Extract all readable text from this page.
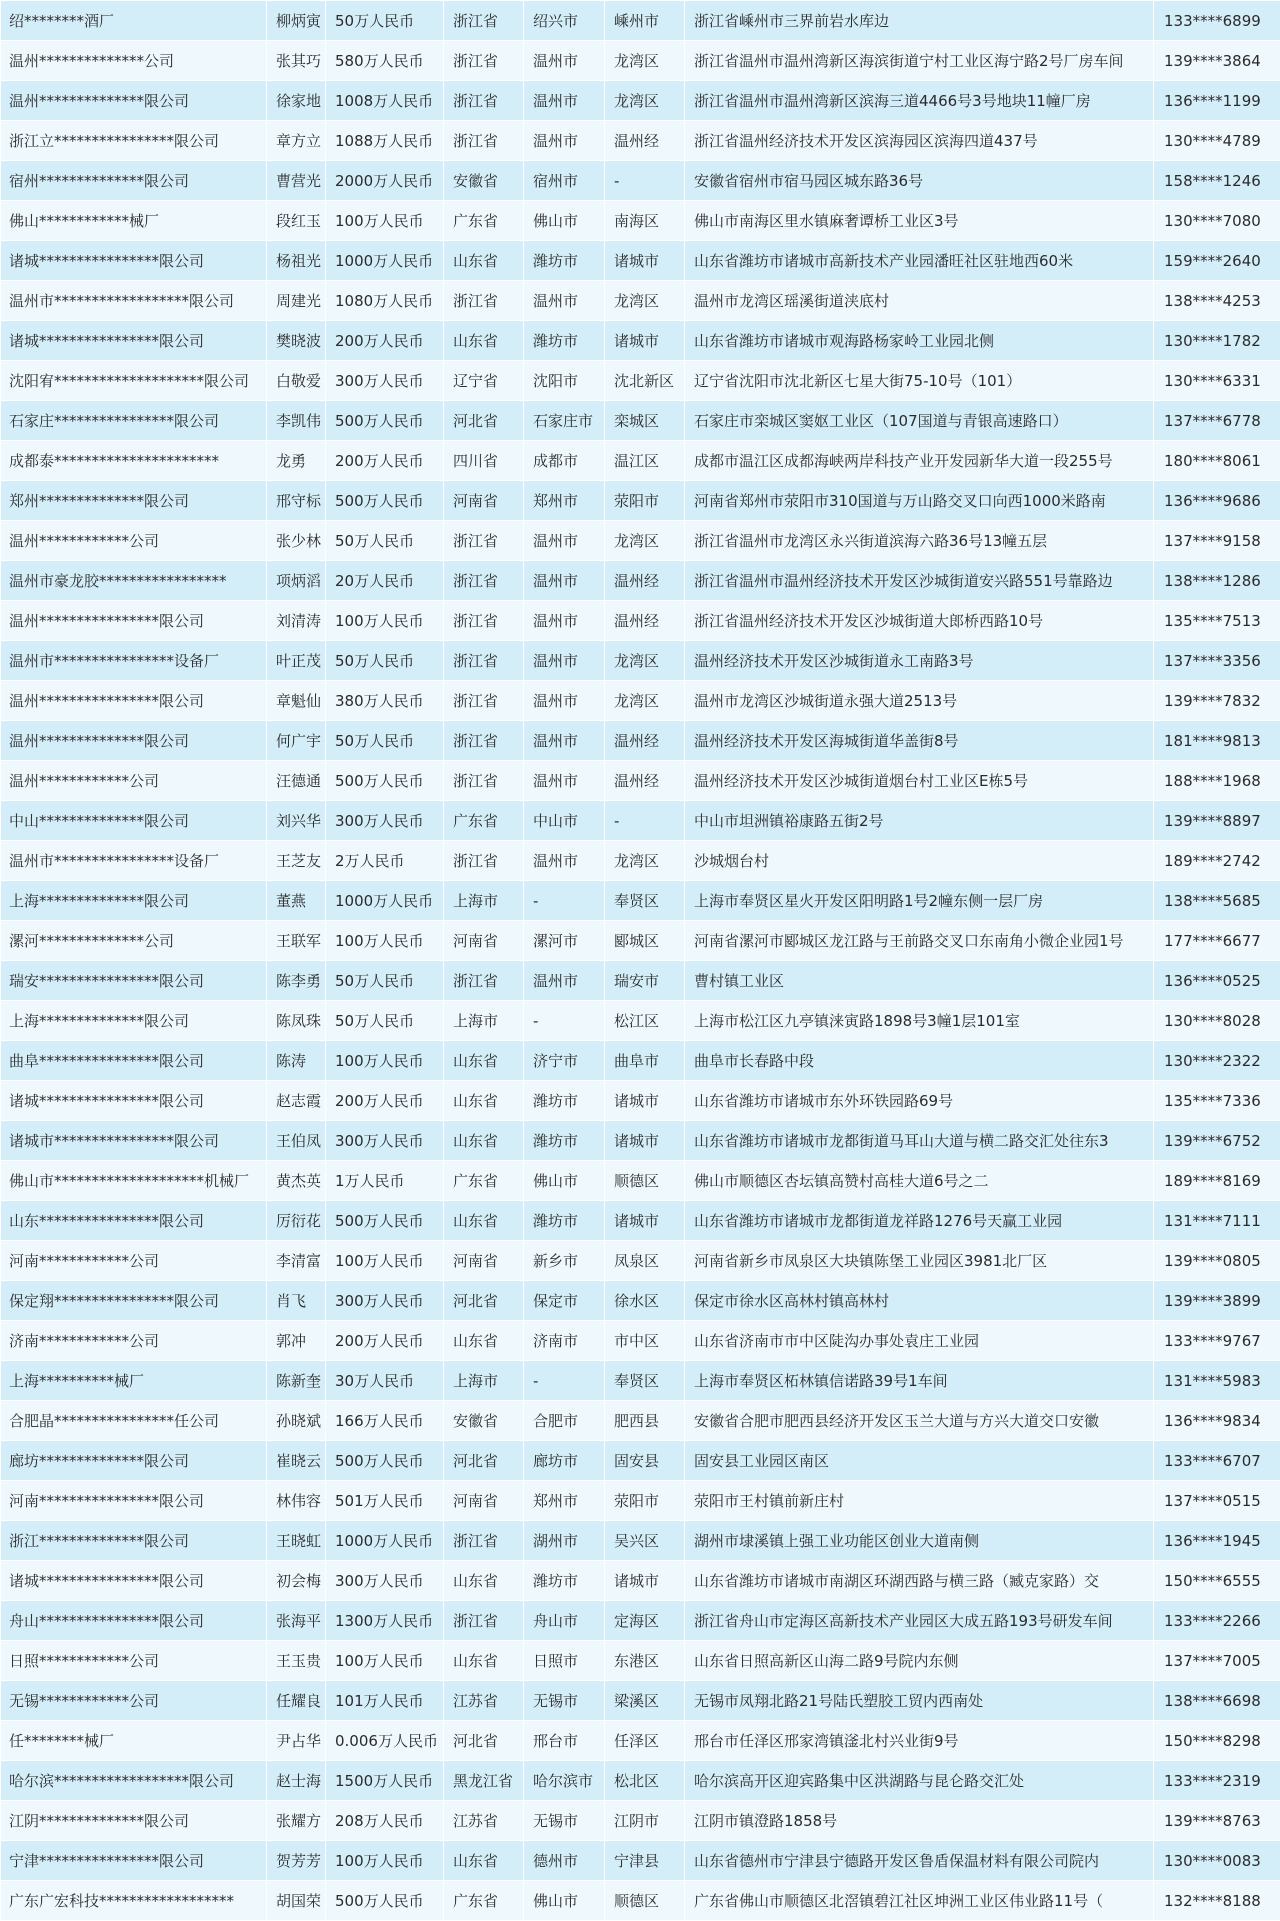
绍********酒厂	柳炳寅	50万人民币	浙江省	绍兴市	嵊州市	浙江省嵊州市三界前岩水库边	133****6899
温州**************公司	张其巧	580万人民币	浙江省	温州市	龙湾区	浙江省温州市温州湾新区海滨街道宁村工业区海宁路2号厂房车间	139****3864
温州**************限公司	徐家地	1008万人民币	浙江省	温州市	龙湾区	浙江省温州市温州湾新区滨海三道4466号3号地块11幢厂房	136****1199
浙江立****************限公司	章方立	1088万人民币	浙江省	温州市	温州经	浙江省温州经济技术开发区滨海园区滨海四道437号	130****4789
宿州**************限公司	曹营光	2000万人民币	安徽省	宿州市	-	安徽省宿州市宿马园区城东路36号	158****1246
佛山************械厂	段红玉	100万人民币	广东省	佛山市	南海区	佛山市南海区里水镇麻奢谭桥工业区3号	130****7080
诸城****************限公司	杨祖光	1000万人民币	山东省	潍坊市	诸城市	山东省潍坊市诸城市高新技术产业园潘旺社区驻地西60米	159****2640
温州市******************限公司	周建光	1080万人民币	浙江省	温州市	龙湾区	温州市龙湾区瑶溪街道浃底村	138****4253
诸城****************限公司	樊晓波	200万人民币	山东省	潍坊市	诸城市	山东省潍坊市诸城市观海路杨家岭工业园北侧	130****1782
沈阳宥********************限公司	白敬爱	300万人民币	辽宁省	沈阳市	沈北新区	辽宁省沈阳市沈北新区七星大街75-10号（101）	130****6331
石家庄****************限公司	李凯伟	500万人民币	河北省	石家庄市	栾城区	石家庄市栾城区窦妪工业区（107国道与青银高速路口）	137****6778
成都泰**********************	龙勇	200万人民币	四川省	成都市	温江区	成都市温江区成都海峡两岸科技产业开发园新华大道一段255号	180****8061
郑州**************限公司	邢守标	500万人民币	河南省	郑州市	荥阳市	河南省郑州市荥阳市310国道与万山路交叉口向西1000米路南	136****9686
温州************公司	张少林	50万人民币	浙江省	温州市	龙湾区	浙江省温州市龙湾区永兴街道滨海六路36号13幢五层	137****9158
温州市豪龙胶*****************	项炳滔	20万人民币	浙江省	温州市	温州经	浙江省温州市温州经济技术开发区沙城街道安兴路551号靠路边	138****1286
温州****************限公司	刘清涛	100万人民币	浙江省	温州市	温州经	浙江省温州经济技术开发区沙城街道大郎桥西路10号	135****7513
温州市****************设备厂	叶正茂	50万人民币	浙江省	温州市	龙湾区	温州经济技术开发区沙城街道永工南路3号	137****3356
温州****************限公司	章魁仙	380万人民币	浙江省	温州市	龙湾区	温州市龙湾区沙城街道永强大道2513号	139****7832
温州**************限公司	何广宇	50万人民币	浙江省	温州市	温州经	温州经济技术开发区海城街道华盖街8号	181****9813
温州************公司	汪德通	500万人民币	浙江省	温州市	温州经	温州经济技术开发区沙城街道烟台村工业区E栋5号	188****1968
中山**************限公司	刘兴华	300万人民币	广东省	中山市	-	中山市坦洲镇裕康路五街2号	139****8897
温州市****************设备厂	王芝友	2万人民币	浙江省	温州市	龙湾区	沙城烟台村	189****2742
上海**************限公司	董燕	1000万人民币	上海市	-	奉贤区	上海市奉贤区星火开发区阳明路1号2幢东侧一层厂房	138****5685
漯河**************公司	王联军	100万人民币	河南省	漯河市	郾城区	河南省漯河市郾城区龙江路与王前路交叉口东南角小微企业园1号	177****6677
瑞安****************限公司	陈李勇	50万人民币	浙江省	温州市	瑞安市	曹村镇工业区	136****0525
上海**************限公司	陈凤珠	50万人民币	上海市	-	松江区	上海市松江区九亭镇涞寅路1898号3幢1层101室	130****8028
曲阜****************限公司	陈涛	100万人民币	山东省	济宁市	曲阜市	曲阜市长春路中段	130****2322
诸城****************限公司	赵志霞	200万人民币	山东省	潍坊市	诸城市	山东省潍坊市诸城市东外环铁园路69号	135****7336
诸城市****************限公司	王伯凤	300万人民币	山东省	潍坊市	诸城市	山东省潍坊市诸城市龙都街道马耳山大道与横二路交汇处往东3	139****6752
佛山市********************机械厂	黄杰英	1万人民币	广东省	佛山市	顺德区	佛山市顺德区杏坛镇高赞村高桂大道6号之二	189****8169
山东****************限公司	厉衍花	500万人民币	山东省	潍坊市	诸城市	山东省潍坊市诸城市龙都街道龙祥路1276号天赢工业园	131****7111
河南************公司	李清富	100万人民币	河南省	新乡市	凤泉区	河南省新乡市凤泉区大块镇陈堡工业园区3981北厂区	139****0805
保定翔****************限公司	肖飞	300万人民币	河北省	保定市	徐水区	保定市徐水区高林村镇高林村	139****3899
济南************公司	郭冲	200万人民币	山东省	济南市	市中区	山东省济南市市中区陡沟办事处袁庄工业园	133****9767
上海**********械厂	陈新奎	30万人民币	上海市	-	奉贤区	上海市奉贤区柘林镇信诺路39号1车间	131****5983
合肥晶****************任公司	孙晓斌	166万人民币	安徽省	合肥市	肥西县	安徽省合肥市肥西县经济开发区玉兰大道与方兴大道交口安徽	136****9834
廊坊**************限公司	崔晓云	500万人民币	河北省	廊坊市	固安县	固安县工业园区南区	133****6707
河南****************限公司	林伟容	501万人民币	河南省	郑州市	荥阳市	荥阳市王村镇前新庄村	137****0515
浙江**************限公司	王晓虹	1000万人民币	浙江省	湖州市	吴兴区	湖州市埭溪镇上强工业功能区创业大道南侧	136****1945
诸城****************限公司	初会梅	300万人民币	山东省	潍坊市	诸城市	山东省潍坊市诸城市南湖区环湖西路与横三路（臧克家路）交	150****6555
舟山****************限公司	张海平	1300万人民币	浙江省	舟山市	定海区	浙江省舟山市定海区高新技术产业园区大成五路193号研发车间	133****2266
日照************公司	王玉贵	100万人民币	山东省	日照市	东港区	山东省日照高新区山海二路9号院内东侧	137****7005
无锡************公司	任耀良	101万人民币	江苏省	无锡市	梁溪区	无锡市凤翔北路21号陆氏塑胶工贸内西南处	138****6698
任********械厂	尹占华	0.006万人民币	河北省	邢台市	任泽区	邢台市任泽区邢家湾镇滏北村兴业街9号	150****8298
哈尔滨******************限公司	赵士海	1500万人民币	黑龙江省	哈尔滨市	松北区	哈尔滨高开区迎宾路集中区洪湖路与昆仑路交汇处	133****2319
江阴**************限公司	张耀方	208万人民币	江苏省	无锡市	江阴市	江阴市镇澄路1858号	139****8763
宁津****************限公司	贺芳芳	100万人民币	山东省	德州市	宁津县	山东省德州市宁津县宁德路开发区鲁盾保温材料有限公司院内	130****0083
广东广宏科技******************	胡国荣	500万人民币	广东省	佛山市	顺德区	广东省佛山市顺德区北滘镇碧江社区坤洲工业区伟业路11号（	132****8188
